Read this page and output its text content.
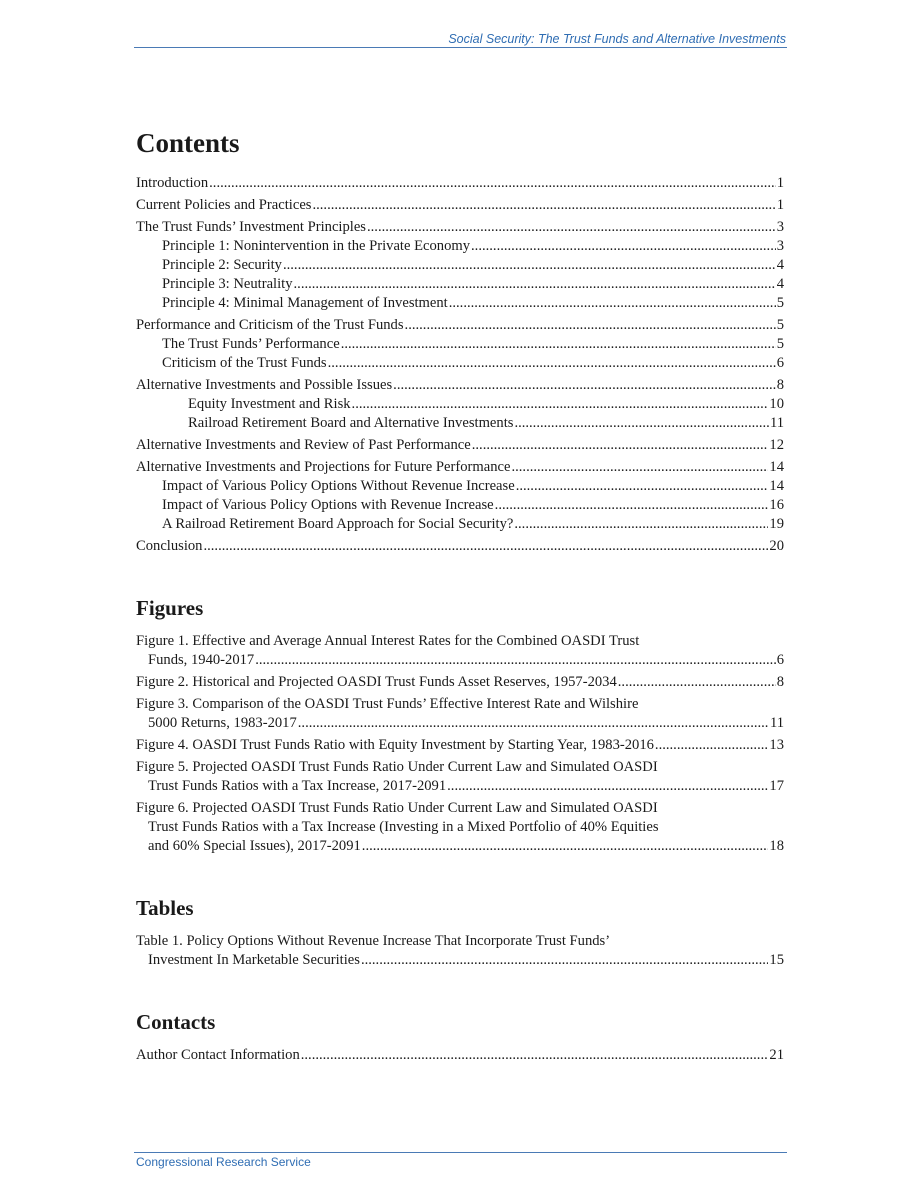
Social Security: The Trust Funds and Alternative Investments
Contents
Introduction .....	1
Current Policies and Practices .....	1
The Trust Funds’ Investment Principles .....	3
Principle 1: Nonintervention in the Private Economy .....	3
Principle 2: Security .....	4
Principle 3: Neutrality .....	4
Principle 4: Minimal Management of Investment .....	5
Performance and Criticism of the Trust Funds .....	5
The Trust Funds’ Performance .....	5
Criticism of the Trust Funds .....	6
Alternative Investments and Possible Issues .....	8
Equity Investment and Risk .....	10
Railroad Retirement Board and Alternative Investments .....	11
Alternative Investments and Review of Past Performance .....	12
Alternative Investments and Projections for Future Performance .....	14
Impact of Various Policy Options Without Revenue Increase .....	14
Impact of Various Policy Options with Revenue Increase .....	16
A Railroad Retirement Board Approach for Social Security? .....	19
Conclusion .....	20
Figures
Figure 1. Effective and Average Annual Interest Rates for the Combined OASDI Trust
Funds, 1940-2017 .....	6
Figure 2. Historical and Projected OASDI Trust Funds Asset Reserves, 1957-2034 .....	8
Figure 3. Comparison of the OASDI Trust Funds’ Effective Interest Rate and Wilshire
5000 Returns, 1983-2017 .....	11
Figure 4. OASDI Trust Funds Ratio with Equity Investment by Starting Year, 1983-2016 .....	13
Figure 5. Projected OASDI Trust Funds Ratio Under Current Law and Simulated OASDI
Trust Funds Ratios with a Tax Increase, 2017-2091 .....	17
Figure 6. Projected OASDI Trust Funds Ratio Under Current Law and Simulated OASDI
Trust Funds Ratios with a Tax Increase (Investing in a Mixed Portfolio of 40% Equities
and 60% Special Issues), 2017-2091 .....	18
Tables
Table 1. Policy Options Without Revenue Increase That Incorporate Trust Funds’
Investment In Marketable Securities .....	15
Contacts
Author Contact Information .....	21
Congressional Research Service
